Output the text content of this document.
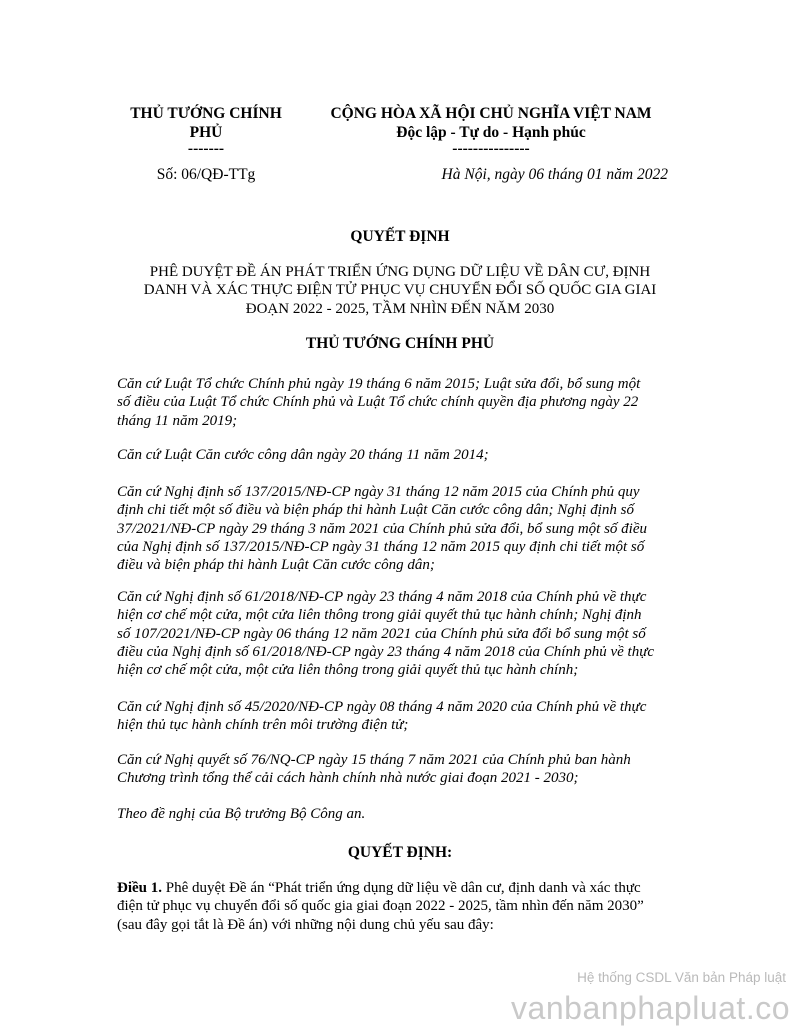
THỦ TƯỚNG CHÍNH
PHỦ
-------
CỘNG HÒA XÃ HỘI CHỦ NGHĨA VIỆT NAM
Độc lập - Tự do - Hạnh phúc
---------------
Số: 06/QĐ-TTg	Hà Nội, ngày 06 tháng 01 năm 2022
QUYẾT ĐỊNH
PHÊ DUYỆT ĐỀ ÁN PHÁT TRIỂN ỨNG DỤNG DỮ LIỆU VỀ DÂN CƯ, ĐỊNH
DANH VÀ XÁC THỰC ĐIỆN TỬ PHỤC VỤ CHUYỂN ĐỔI SỐ QUỐC GIA GIAI
ĐOẠN 2022 - 2025, TẦM NHÌN ĐẾN NĂM 2030
THỦ TƯỚNG CHÍNH PHỦ
Căn cứ Luật Tổ chức Chính phủ ngày 19 tháng 6 năm 2015; Luật sửa đổi, bổ sung một
số điều của Luật Tổ chức Chính phủ và Luật Tổ chức chính quyền địa phương ngày 22
tháng 11 năm 2019;
Căn cứ Luật Căn cước công dân ngày 20 tháng 11 năm 2014;
Căn cứ Nghị định số 137/2015/NĐ-CP ngày 31 tháng 12 năm 2015 của Chính phủ quy
định chi tiết một số điều và biện pháp thi hành Luật Căn cước công dân; Nghị định số
37/2021/NĐ-CP ngày 29 tháng 3 năm 2021 của Chính phủ sửa đổi, bổ sung một số điều
của Nghị định số 137/2015/NĐ-CP ngày 31 tháng 12 năm 2015 quy định chi tiết một số
điều và biện pháp thi hành Luật Căn cước công dân;
Căn cứ Nghị định số 61/2018/NĐ-CP ngày 23 tháng 4 năm 2018 của Chính phủ về thực
hiện cơ chế một cửa, một cửa liên thông trong giải quyết thủ tục hành chính; Nghị định
số 107/2021/NĐ-CP ngày 06 tháng 12 năm 2021 của Chính phủ sửa đổi bổ sung một số
điều của Nghị định số 61/2018/NĐ-CP ngày 23 tháng 4 năm 2018 của Chính phủ về thực
hiện cơ chế một cửa, một cửa liên thông trong giải quyết thủ tục hành chính;
Căn cứ Nghị định số 45/2020/NĐ-CP ngày 08 tháng 4 năm 2020 của Chính phủ về thực
hiện thủ tục hành chính trên môi trường điện tử;
Căn cứ Nghị quyết số 76/NQ-CP ngày 15 tháng 7 năm 2021 của Chính phủ ban hành
Chương trình tổng thể cải cách hành chính nhà nước giai đoạn 2021 - 2030;
Theo đề nghị của Bộ trưởng Bộ Công an.
QUYẾT ĐỊNH:
Điều 1. Phê duyệt Đề án “Phát triển ứng dụng dữ liệu về dân cư, định danh và xác thực
điện tử phục vụ chuyển đổi số quốc gia giai đoạn 2022 - 2025, tầm nhìn đến năm 2030”
(sau đây gọi tắt là Đề án) với những nội dung chủ yếu sau đây:
Hệ thống CSDL Văn bản Pháp luật
vanbanphapluat.co
